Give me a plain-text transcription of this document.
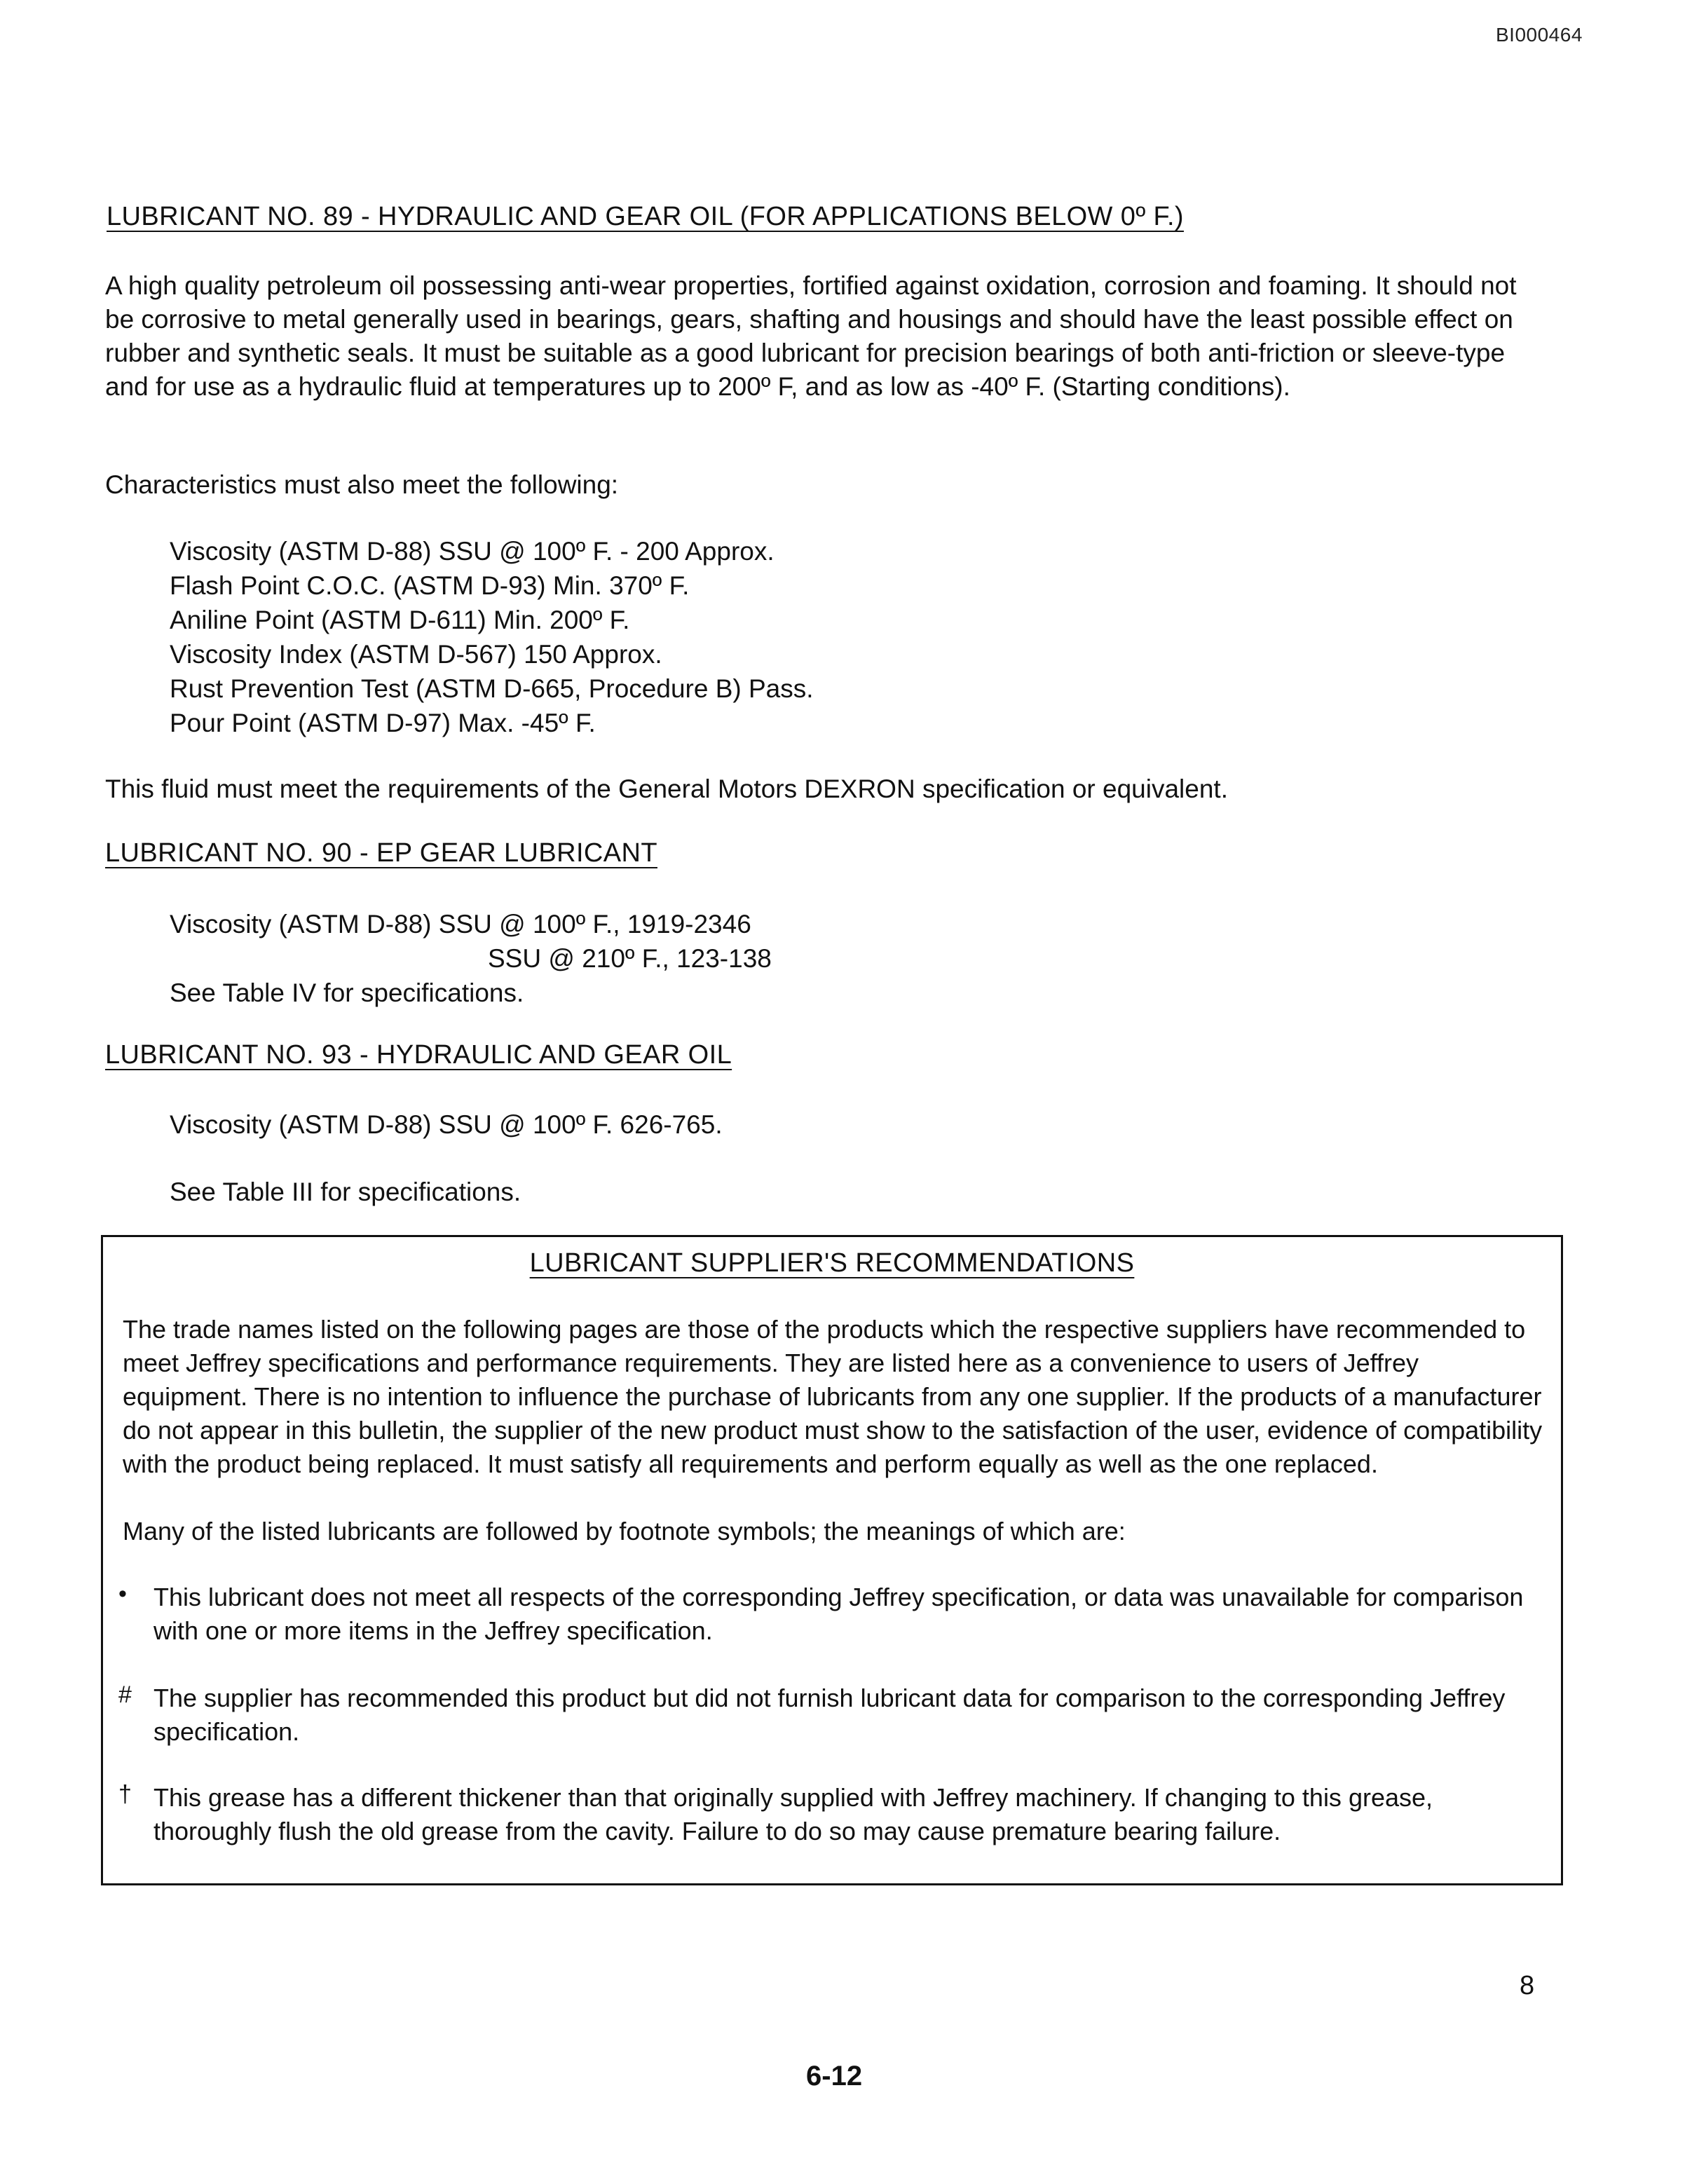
BI000464
LUBRICANT NO. 89 - HYDRAULIC AND GEAR OIL (FOR APPLICATIONS BELOW 0º F.)
A high quality petroleum oil possessing anti-wear properties, fortified against oxidation, corrosion and foaming. It should not be corrosive to metal generally used in bearings, gears, shafting and housings and should have the least possible effect on rubber and synthetic seals. It must be suitable as a good lubricant for precision bearings of both anti-friction or sleeve-type and for use as a hydraulic fluid at temperatures up to 200º F, and as low as -40º F. (Starting conditions).
Characteristics must also meet the following:
Viscosity (ASTM D-88) SSU @ 100º F. - 200 Approx.
Flash Point C.O.C. (ASTM D-93) Min. 370º F.
Aniline Point (ASTM D-611) Min. 200º F.
Viscosity Index (ASTM D-567) 150 Approx.
Rust Prevention Test (ASTM D-665, Procedure B) Pass.
Pour Point (ASTM D-97) Max. -45º F.
This fluid must meet the requirements of the General Motors DEXRON specification or equivalent.
LUBRICANT NO. 90 - EP GEAR LUBRICANT
Viscosity (ASTM D-88) SSU @ 100º F., 1919-2346
SSU @ 210º F., 123-138
See Table IV for specifications.
LUBRICANT NO. 93 - HYDRAULIC AND GEAR OIL
Viscosity (ASTM D-88) SSU @ 100º F. 626-765.
See Table III for specifications.
LUBRICANT SUPPLIER'S RECOMMENDATIONS
The trade names listed on the following pages are those of the products which the respective suppliers have recommended to meet Jeffrey specifications and performance requirements. They are listed here as a convenience to users of Jeffrey equipment. There is no intention to influence the purchase of lubricants from any one supplier. If the products of a manufacturer do not appear in this bulletin, the supplier of the new product must show to the satisfaction of the user, evidence of compatibility with the product being replaced. It must satisfy all requirements and perform equally as well as the one replaced.
Many of the listed lubricants are followed by footnote symbols; the meanings of which are:
• This lubricant does not meet all respects of the corresponding Jeffrey specification, or data was unavailable for comparison with one or more items in the Jeffrey specification.
# The supplier has recommended this product but did not furnish lubricant data for comparison to the corresponding Jeffrey specification.
† This grease has a different thickener than that originally supplied with Jeffrey machinery. If changing to this grease, thoroughly flush the old grease from the cavity. Failure to do so may cause premature bearing failure.
8
6-12
